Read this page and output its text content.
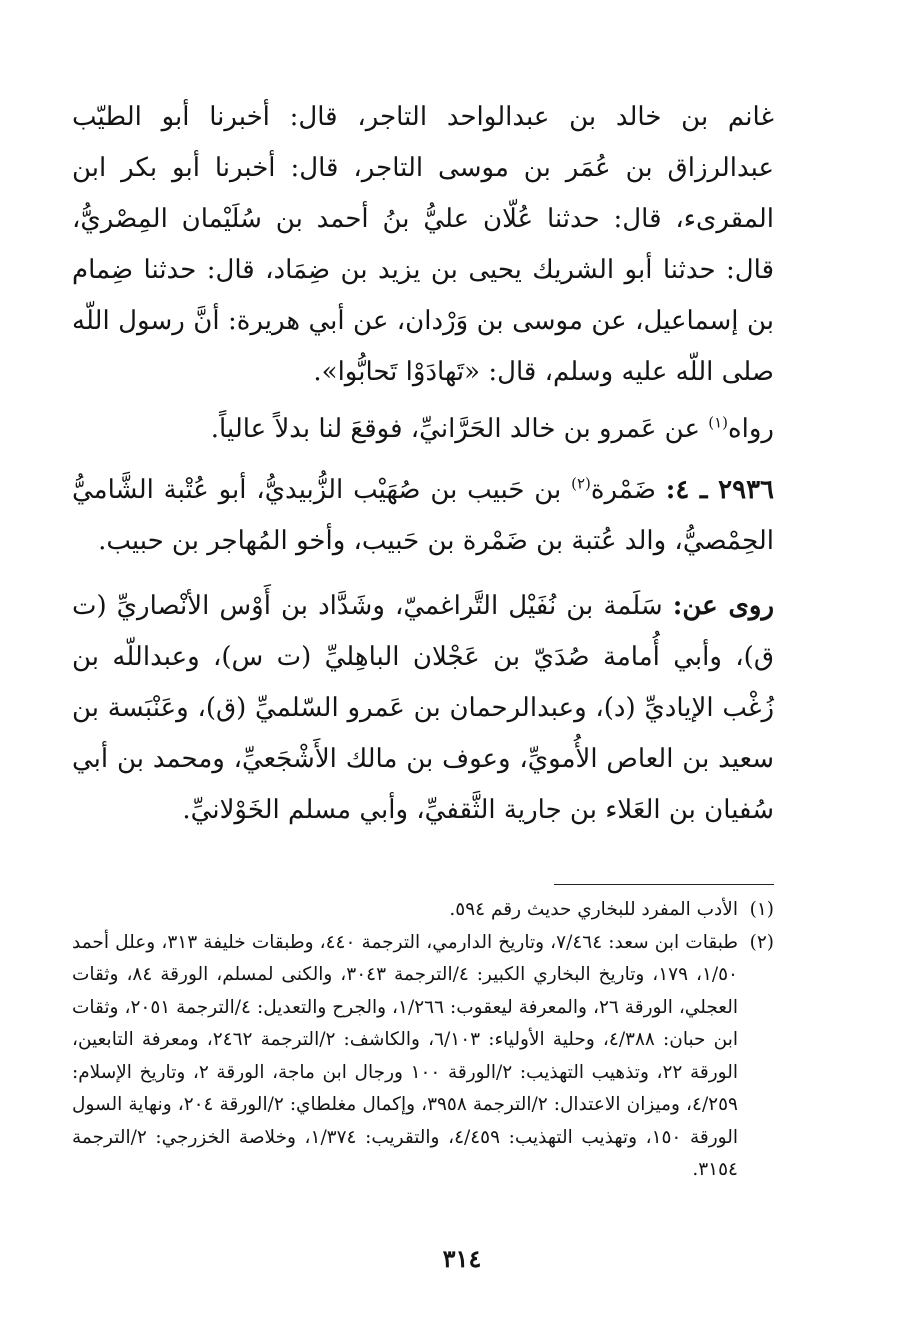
غانم بن خالد بن عبدالواحد التاجر، قال: أخبرنا أبو الطيّب عبدالرزاق بن عُمَر بن موسى التاجر، قال: أخبرنا أبو بكر ابن المقرىء، قال: حدثنا عُلّان عليُّ بنُ أحمد بن سُلَيْمان المِصْريُّ، قال: حدثنا أبو الشريك يحيى بن يزيد بن ضِمَاد، قال: حدثنا ضِمام بن إسماعيل، عن موسى بن وَرْدان، عن أبي هريرة: أنَّ رسول اللّه صلى اللّه عليه وسلم، قال: «تَهادَوْا تَحابُّوا».

رواه$^{(١)}$ عن عَمرو بن خالد الحَرَّانيِّ، فوقعَ لنا بدلاً عالياً.

٢٩٣٦ ـ ٤: ضَمْرة$^{(٢)}$ بن حَبيب بن صُهَيْب الزُّبيديُّ، أبو عُتْبة الشَّاميُّ الحِمْصيُّ، والد عُتبة بن ضَمْرة بن حَبيب، وأخو المُهاجر بن حبيب.

روى عن: سَلَمة بن نُفَيْل التَّراغميّ، وشَدَّاد بن أَوْس الأنْصاريِّ (ت ق)، وأبي أُمامة صُدَيّ بن عَجْلان الباهِليِّ (ت س)، وعبداللّه بن زُغْب الإياديِّ (د)، وعبدالرحمان بن عَمرو السّلميِّ (ق)، وعَنْبَسة بن سعيد بن العاص الأُمويِّ، وعوف بن مالك الأَشْجَعيِّ، ومحمد بن أبي سُفيان بن العَلاء بن جارية الثَّقفيِّ، وأبي مسلم الخَوْلانيِّ.

(١)
الأدب المفرد للبخاري حديث رقم ٥٩٤.

(٢)
طبقات ابن سعد: ٧/٤٦٤، وتاريخ الدارمي، الترجمة ٤٤٠، وطبقات خليفة ٣١٣، وعلل أحمد ١/٥٠، ١٧٩، وتاريخ البخاري الكبير: ٤/الترجمة ٣٠٤٣، والكنى لمسلم، الورقة ٨٤، وثقات العجلي، الورقة ٢٦، والمعرفة ليعقوب: ١/٢٦٦، والجرح والتعديل: ٤/الترجمة ٢٠٥١، وثقات ابن حبان: ٤/٣٨٨، وحلية الأولياء: ٦/١٠٣، والكاشف: ٢/الترجمة ٢٤٦٢، ومعرفة التابعين، الورقة ٢٢، وتذهيب التهذيب: ٢/الورقة ١٠٠ ورجال ابن ماجة، الورقة ٢، وتاريخ الإسلام: ٤/٢٥٩، وميزان الاعتدال: ٢/الترجمة ٣٩٥٨، وإكمال مغلطاي: ٢/الورقة ٢٠٤، ونهاية السول الورقة ١٥٠، وتهذيب التهذيب: ٤/٤٥٩، والتقريب: ١/٣٧٤، وخلاصة الخزرجي: ٢/الترجمة ٣١٥٤.

٣١٤
